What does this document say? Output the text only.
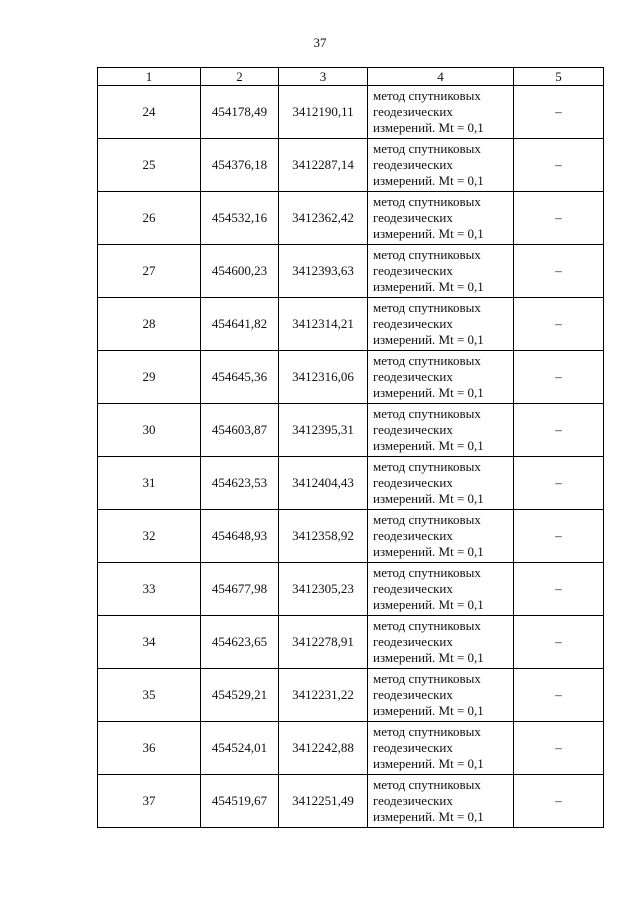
37
1	2	3	4	5
24	454178,49	3412190,11	метод спутниковых
геодезических
измерений. Mt = 0,1	–
25	454376,18	3412287,14	метод спутниковых
геодезических
измерений. Mt = 0,1	–
26	454532,16	3412362,42	метод спутниковых
геодезических
измерений. Mt = 0,1	–
27	454600,23	3412393,63	метод спутниковых
геодезических
измерений. Mt = 0,1	–
28	454641,82	3412314,21	метод спутниковых
геодезических
измерений. Mt = 0,1	–
29	454645,36	3412316,06	метод спутниковых
геодезических
измерений. Mt = 0,1	–
30	454603,87	3412395,31	метод спутниковых
геодезических
измерений. Mt = 0,1	–
31	454623,53	3412404,43	метод спутниковых
геодезических
измерений. Mt = 0,1	–
32	454648,93	3412358,92	метод спутниковых
геодезических
измерений. Mt = 0,1	–
33	454677,98	3412305,23	метод спутниковых
геодезических
измерений. Mt = 0,1	–
34	454623,65	3412278,91	метод спутниковых
геодезических
измерений. Mt = 0,1	–
35	454529,21	3412231,22	метод спутниковых
геодезических
измерений. Mt = 0,1	–
36	454524,01	3412242,88	метод спутниковых
геодезических
измерений. Mt = 0,1	–
37	454519,67	3412251,49	метод спутниковых
геодезических
измерений. Mt = 0,1	–
